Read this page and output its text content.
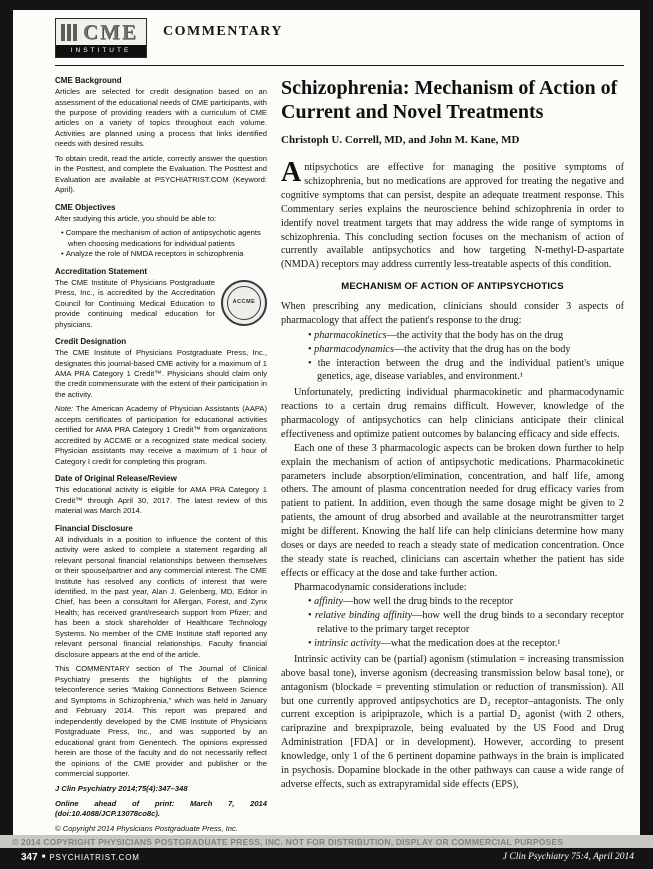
CME
INSTITUTE
COMMENTARY
CME Background

Articles are selected for credit designation based on an assessment of the educational needs of CME participants, with the purpose of providing readers with a curriculum of CME articles on a variety of topics throughout each volume. Activities are planned using a process that links identified needs with desired results.

To obtain credit, read the article, correctly answer the question in the Posttest, and complete the Evaluation. The Posttest and Evaluation are available at PSYCHIATRIST.COM (Keyword: April).

CME Objectives

After studying this article, you should be able to:

• Compare the mechanism of action of antipsychotic agents when choosing medications for individual patients
• Analyze the role of NMDA receptors in schizophrenia
Accreditation Statement
ACCME

The CME Institute of Physicians Postgraduate Press, Inc., is accredited by the Accreditation Council for Continuing Medical Education to provide continuing medical education for physicians.

Credit Designation

The CME Institute of Physicians Postgraduate Press, Inc., designates this journal-based CME activity for a maximum of 1 AMA PRA Category 1 Credit™. Physicians should claim only the credit commensurate with the extent of their participation in the activity.

Note: The American Academy of Physician Assistants (AAPA) accepts certificates of participation for educational activities certified for AMA PRA Category 1 Credit™ from organizations accredited by ACCME or a recognized state medical society. Physician assistants may receive a maximum of 1 hour of Category I credit for completing this program.

Date of Original Release/Review

This educational activity is eligible for AMA PRA Category 1 Credit™ through April 30, 2017. The latest review of this material was March 2014.

Financial Disclosure

All individuals in a position to influence the content of this activity were asked to complete a statement regarding all relevant personal financial relationships between themselves or their spouse/partner and any commercial interest. The CME Institute has resolved any conflicts of interest that were identified. In the past year, Alan J. Gelenberg, MD, Editor in Chief, has been a consultant for Allergan, Forest, and Zynx Health; has received grant/research support from Pfizer; and has been a stock shareholder of Healthcare Technology Systems. No member of the CME Institute staff reported any relevant personal financial relationships. Faculty financial disclosure appears at the end of the article.

This COMMENTARY section of The Journal of Clinical Psychiatry presents the highlights of the planning teleconference series “Making Connections Between Science and Symptoms in Schizophrenia,” which was held in January and February 2014. This report was prepared and independently developed by the CME Institute of Physicians Postgraduate Press, Inc., and was supported by an educational grant from Genentech. The opinions expressed herein are those of the faculty and do not necessarily reflect the opinions of the CME provider and publisher or the commercial supporter.

J Clin Psychiatry 2014;75(4):347–348

Online ahead of print: March 7, 2014 (doi:10.4088/JCP.13078co8c).

© Copyright 2014 Physicians Postgraduate Press, Inc.

Schizophrenia: Mechanism of Action of Current and Novel Treatments
Christoph U. Correll, MD, and John M. Kane, MD

Antipsychotics are effective for managing the positive symptoms of schizophrenia, but no medications are approved for treating the negative and cognitive symptoms that can persist, despite an adequate treatment response. This Commentary series explains the neuroscience behind schizophrenia in order to identify novel treatment targets that may address the wide range of symptoms in schizophrenia. This concluding section focuses on the mechanism of action of currently available antipsychotics and how targeting N-methyl-D-aspartate (NMDA) receptors may address currently less-treatable aspects of this condition.

MECHANISM OF ACTION OF ANTIPSYCHOTICS

When prescribing any medication, clinicians should consider 3 aspects of pharmacology that affect the patient's response to the drug:

• pharmacokinetics—the activity that the body has on the drug
• pharmacodynamics—the activity that the drug has on the body
• the interaction between the drug and the individual patient's unique genetics, age, disease variables, and environment.¹

Unfortunately, predicting individual pharmacokinetic and pharmacodynamic reactions to a certain drug remains difficult. However, knowledge of the pharmacology of antipsychotics can help clinicians anticipate their clinical effectiveness and optimize patient outcomes by balancing efficacy and side effects.

Each one of these 3 pharmacologic aspects can be broken down further to help explain the mechanism of action of antipsychotic medications. Pharmacokinetic parameters include absorption/elimination, concentration, and half life, among others. The amount of plasma concentration needed for drug efficacy varies from patient to patient. In addition, even though the same dosage might be given to 2 patients, the amount of drug absorbed and available at the neurotransmitter target might be different. Knowing the half life can help clinicians determine how many doses or days are needed to reach a steady state of medication concentration. Once the steady state is reached, clinicians can ascertain whether the patient has side effects or efficacy at the dose and take further action.

Pharmacodynamic considerations include:

• affinity—how well the drug binds to the receptor
• relative binding affinity—how well the drug binds to a secondary receptor relative to the primary target receptor
• intrinsic activity—what the medication does at the receptor.¹

Intrinsic activity can be (partial) agonism (stimulation = increasing transmission above basal tone), inverse agonism (decreasing transmission below basal tone), or antagonism (blockade = preventing stimulation or reduction of transmission). All but one currently approved antipsychotics are D₂ receptor–antagonists. The only current exception is aripiprazole, which is a partial D₂ agonist (with 2 others, cariprazine and brexpiprazole, being evaluated by the US Food and Drug Administration [FDA] or in development). However, according to present knowledge, only 1 of the 6 pertinent dopamine pathways in the brain is implicated in psychosis. Dopamine blockade in the other pathways can cause a wide range of adverse effects, such as extrapyramidal side effects (EPS),

© 2014 COPYRIGHT PHYSICIANS POSTGRADUATE PRESS, INC. NOT FOR DISTRIBUTION, DISPLAY OR COMMERCIAL PURPOSES
347 ■ PSYCHIATRIST.COM	J Clin Psychiatry 75:4, April 2014
